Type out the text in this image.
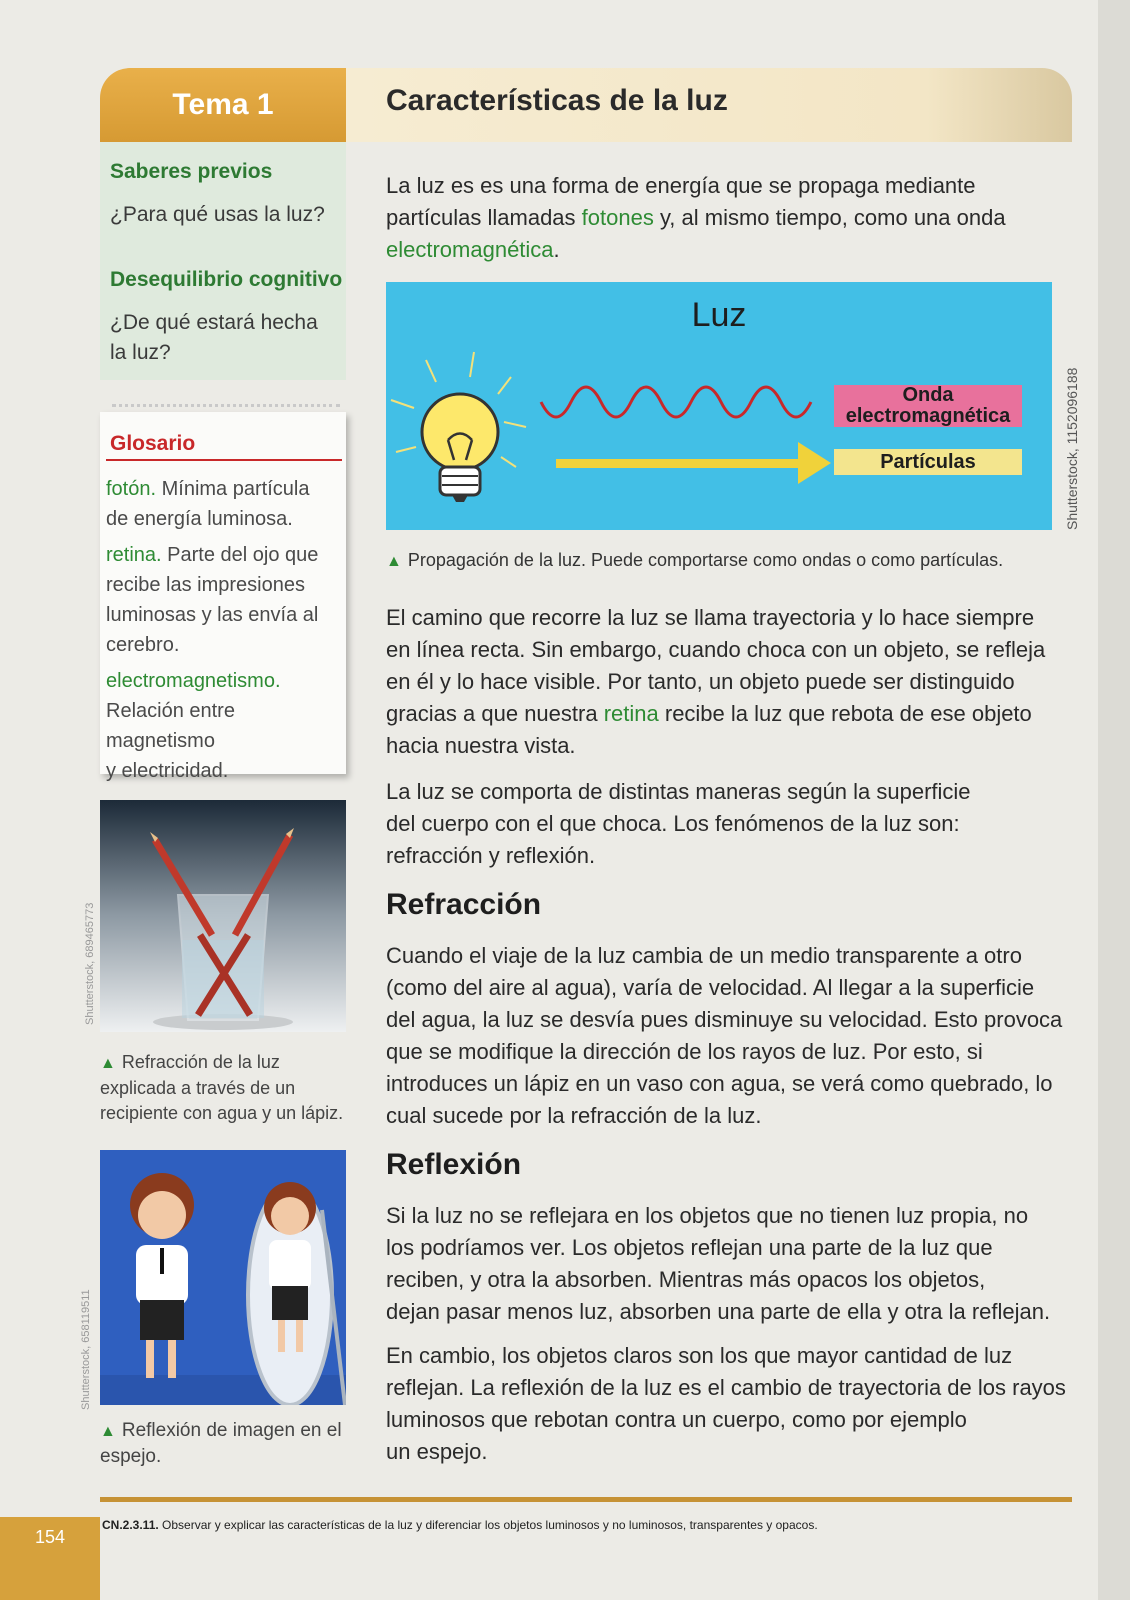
Tema 1	Características de la luz
Saberes previos
¿Para qué usas la luz?
Desequilibrio cognitivo
¿De qué estará hecha
la luz?
Glosario
fotón. Mínima partícula
de energía luminosa.
retina. Parte del ojo que
recibe las impresiones
luminosas y las envía al
cerebro.
electromagnetismo.
Relación entre magnetismo
y electricidad.
Shutterstock, 689465773
▲ Refracción de la luz
explicada a través de un
recipiente con agua y un lápiz.
Shutterstock, 658119511
▲ Reflexión de imagen en el
espejo.
La luz es es una forma de energía que se propaga mediante
partículas llamadas fotones y, al mismo tiempo, como una onda
electromagnética.
Luz
Onda
electromagnética
Partículas	Shutterstock, 1152096188
▲ Propagación de la luz. Puede comportarse como ondas o como partículas.
El camino que recorre la luz se llama trayectoria y lo hace siempre
en línea recta. Sin embargo, cuando choca con un objeto, se refleja
en él y lo hace visible. Por tanto, un objeto puede ser distinguido
gracias a que nuestra retina recibe la luz que rebota de ese objeto
hacia nuestra vista.
La luz se comporta de distintas maneras según la superficie
del cuerpo con el que choca. Los fenómenos de la luz son:
refracción y reflexión.
Refracción
Cuando el viaje de la luz cambia de un medio transparente a otro
(como del aire al agua), varía de velocidad. Al llegar a la superficie
del agua, la luz se desvía pues disminuye su velocidad. Esto provoca
que se modifique la dirección de los rayos de luz. Por esto, si
introduces un lápiz en un vaso con agua, se verá como quebrado, lo
cual sucede por la refracción de la luz.
Reflexión
Si la luz no se reflejara en los objetos que no tienen luz propia, no
los podríamos ver. Los objetos reflejan una parte de la luz que
reciben, y otra la absorben. Mientras más opacos los objetos,
dejan pasar menos luz, absorben una parte de ella y otra la reflejan.
En cambio, los objetos claros son los que mayor cantidad de luz
reflejan. La reflexión de la luz es el cambio de trayectoria de los rayos
luminosos que rebotan contra un cuerpo, como por ejemplo
un espejo.
CN.2.3.11. Observar y explicar las características de la luz y diferenciar los objetos luminosos y no luminosos, transparentes y opacos.
154
